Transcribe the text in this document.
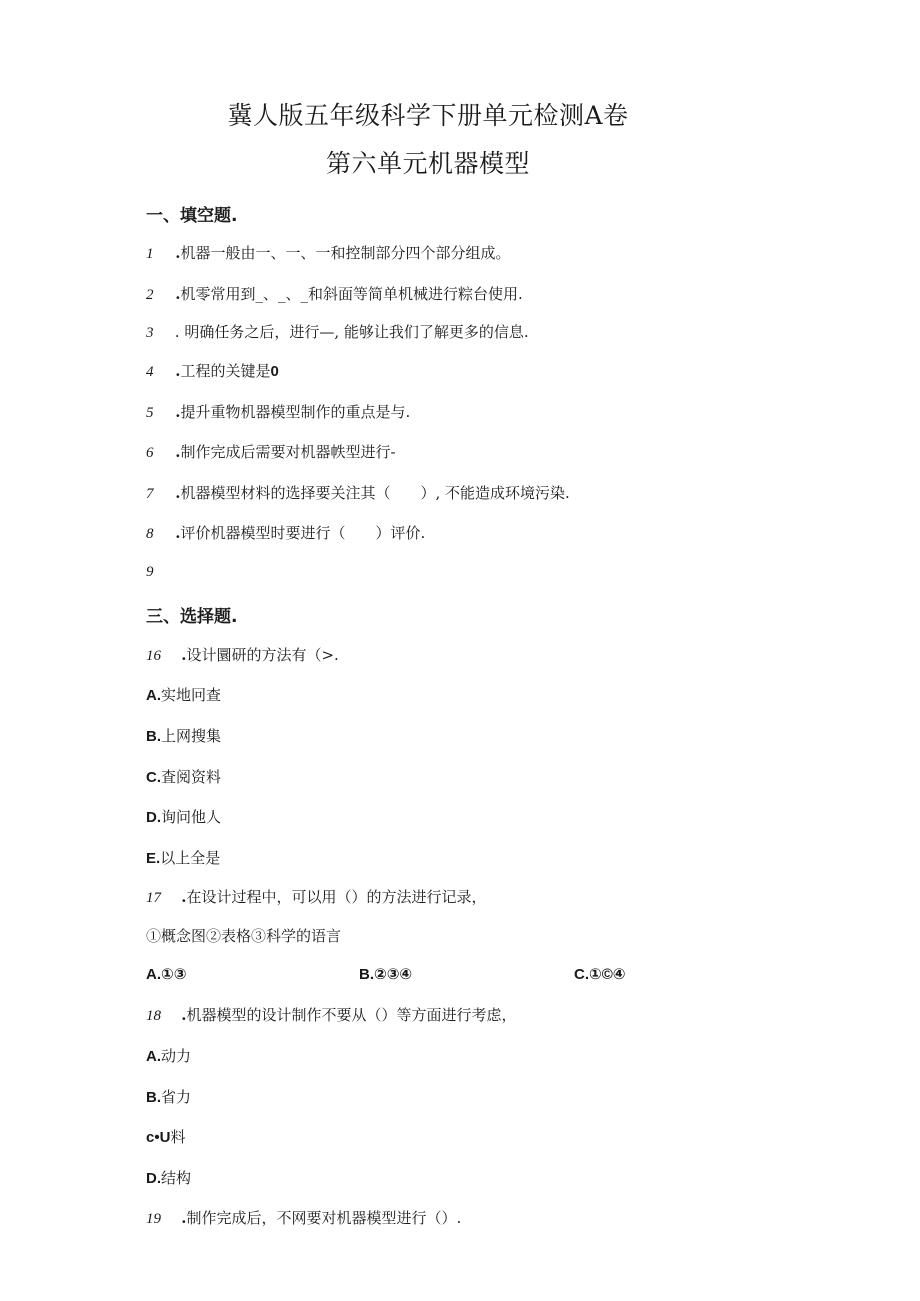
冀人版五年级科学下册单元检测A卷
第六单元机器模型
一、填空题.
1 .机器一般由一、一、一和控制部分四个部分组成。
2 .机零常用到_、_、_和斜面等简单机械进行粽台使用.
3 . 明确任务之后，进行—, 能够让我们了解更多的信息.
4 .工程的关键是0
5 .提升重物机器模型制作的重点是与.
6 .制作完成后需要对机器帙型进行-
7 .机器模型材料的选择要关注其（　　）, 不能造成环境污染.
8 .评价机器模型时要进行（　　）评价.
9
三、选择题.
16 .设计圜研的方法有（>.
A.实地冋查
B.上网搜集
C.査阅资料
D.询问他人
E.以上全是
17 .在设计过程中，可以用（）的方法进行记录，
①概念图②表格③科学的语言
A.①③	B.②③④	C.①©④
18 .机器模型的设计制作不要从（）等方面进行考虑，
A.动力
B.省力
c•U料
D.结构
19 .制作完成后，不网要对机器模型进行（）.
